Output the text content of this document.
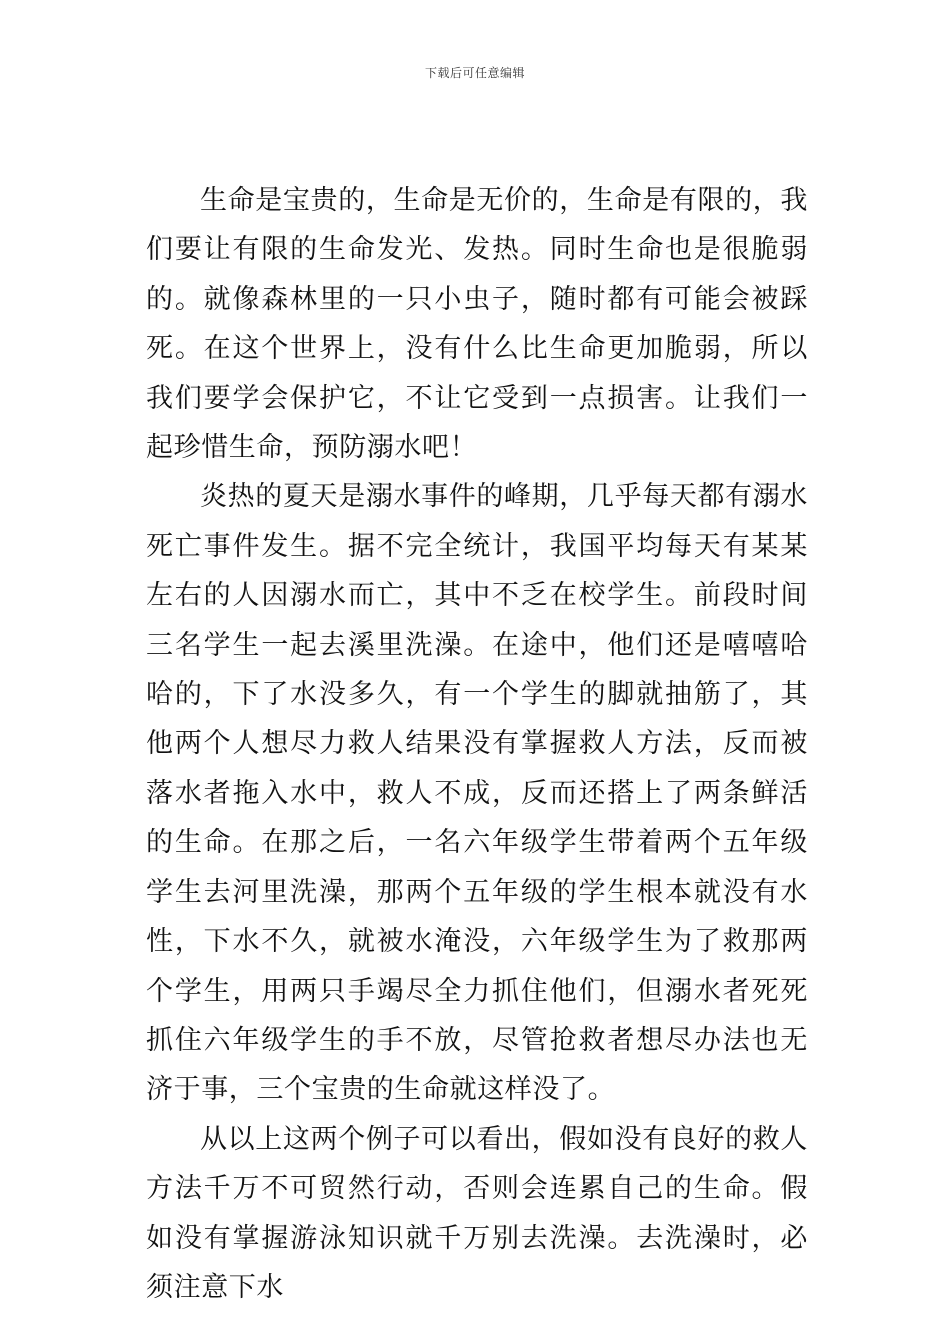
下载后可任意编辑

生命是宝贵的，生命是无价的，生命是有限的，我们要让有限的生命发光、发热。同时生命也是很脆弱的。就像森林里的一只小虫子，随时都有可能会被踩死。在这个世界上，没有什么比生命更加脆弱，所以我们要学会保护它，不让它受到一点损害。让我们一起珍惜生命，预防溺水吧！

炎热的夏天是溺水事件的峰期，几乎每天都有溺水死亡事件发生。据不完全统计，我国平均每天有某某左右的人因溺水而亡，其中不乏在校学生。前段时间三名学生一起去溪里洗澡。在途中，他们还是嘻嘻哈哈的，下了水没多久，有一个学生的脚就抽筋了，其他两个人想尽力救人结果没有掌握救人方法，反而被落水者拖入水中，救人不成，反而还搭上了两条鲜活的生命。在那之后，一名六年级学生带着两个五年级学生去河里洗澡，那两个五年级的学生根本就没有水性，下水不久，就被水淹没，六年级学生为了救那两个学生，用两只手竭尽全力抓住他们，但溺水者死死抓住六年级学生的手不放，尽管抢救者想尽办法也无济于事，三个宝贵的生命就这样没了。

从以上这两个例子可以看出，假如没有良好的救人方法千万不可贸然行动，否则会连累自己的生命。假如没有掌握游泳知识就千万别去洗澡。去洗澡时，必须注意下水
